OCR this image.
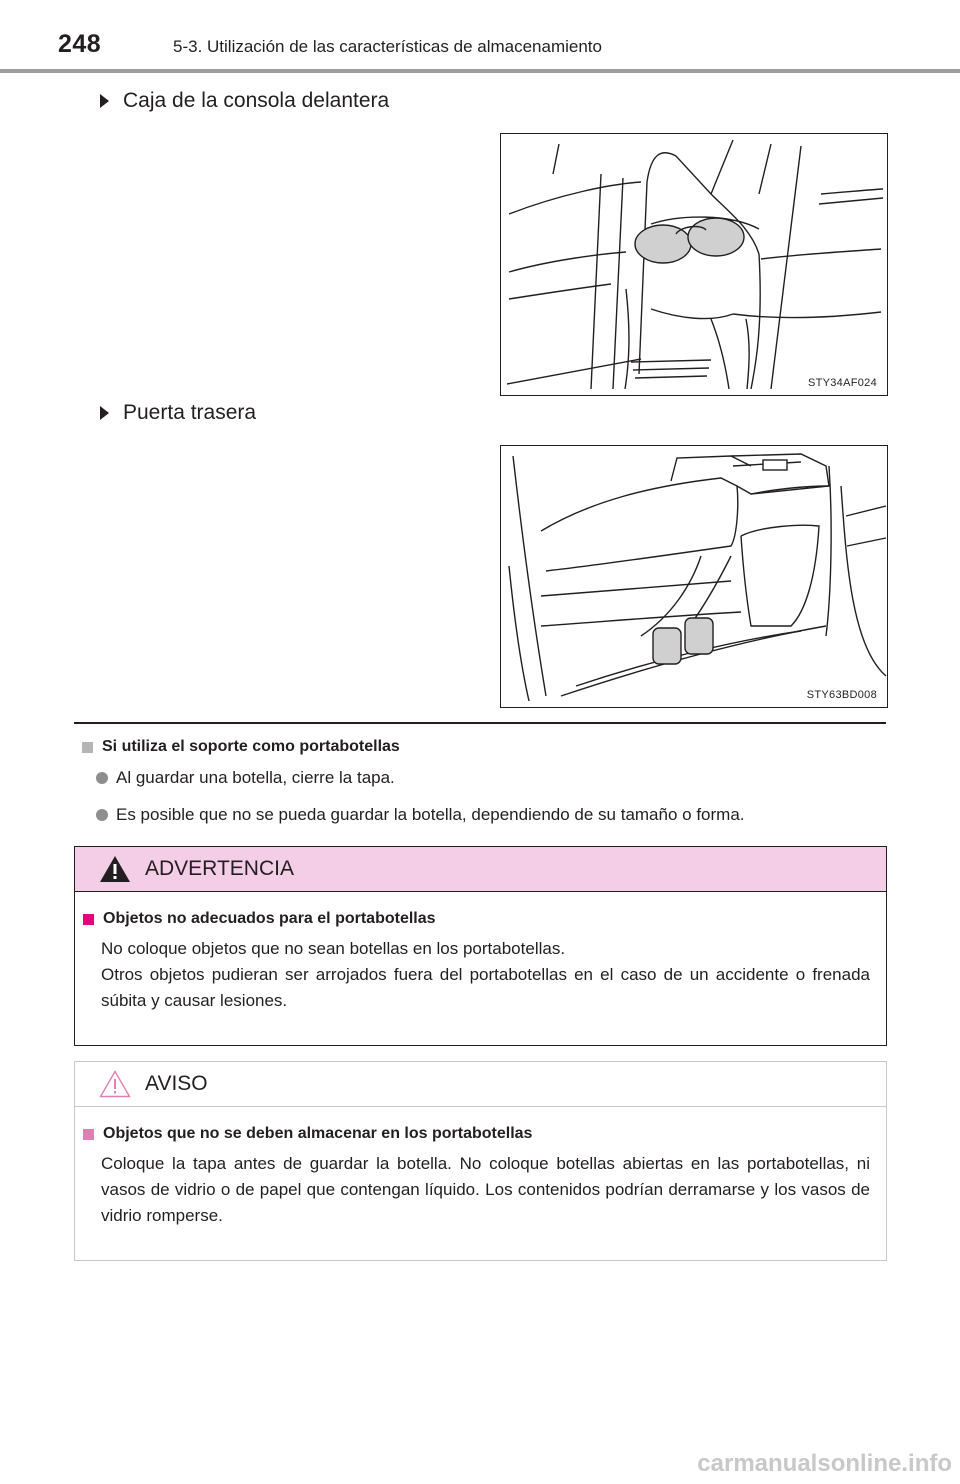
248	5-3. Utilización de las características de almacenamiento
Caja de la consola delantera
STY34AF024
Puerta trasera
STY63BD008
Si utiliza el soporte como portabotellas
Al guardar una botella, cierre la tapa.
Es posible que no se pueda guardar la botella, dependiendo de su tamaño o forma.
ADVERTENCIA
Objetos no adecuados para el portabotellas

No coloque objetos que no sean botellas en los portabotellas.

Otros objetos pudieran ser arrojados fuera del portabotellas en el caso de un accidente o frenada súbita y causar lesiones.

AVISO
Objetos que no se deben almacenar en los portabotellas

Coloque la tapa antes de guardar la botella. No coloque botellas abiertas en las portabotellas, ni vasos de vidrio o de papel que contengan líquido. Los contenidos podrían derramarse y los vasos de vidrio romperse.

carmanualsonline.info
